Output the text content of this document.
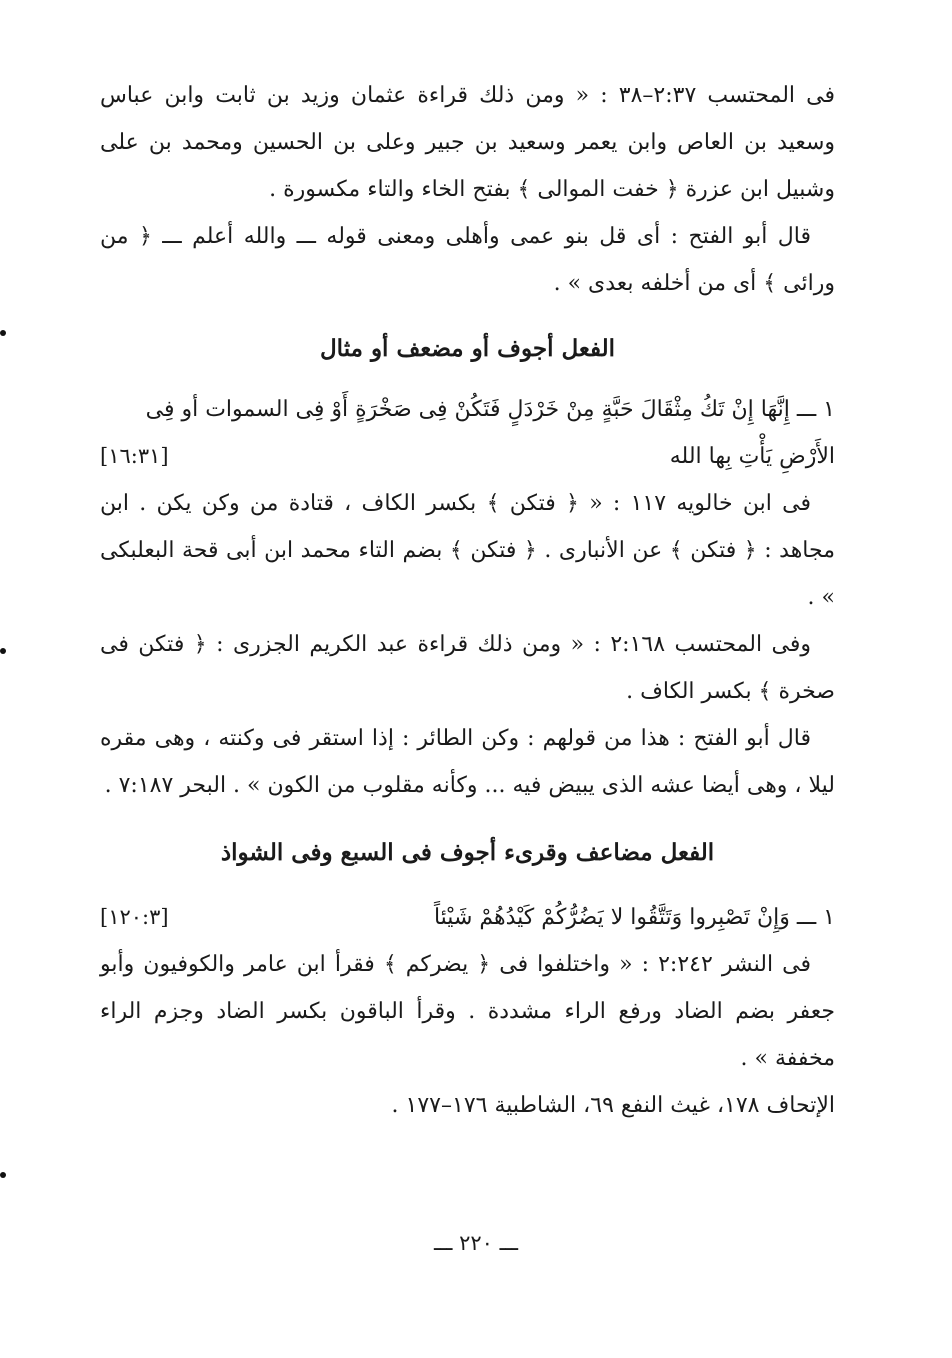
فى المحتسب ٢:٣٧–٣٨ : « ومن ذلك قراءة عثمان وزيد بن ثابت وابن عباس وسعيد بن العاص وابن يعمر وسعيد بن جبير وعلى بن الحسين ومحمد بن على وشبيل ابن عزرة ﴿ خفت الموالى ﴾ بفتح الخاء والتاء مكسورة .

قال أبو الفتح : أى قل بنو عمى وأهلى ومعنى قوله ـــ والله أعلم ـــ ﴿ من ورائى ﴾ أى من أخلفه بعدى » .

الفعل أجوف أو مضعف أو مثال

١ ـــ إِنَّهَا إِنْ تَكُ مِثْقَالَ حَبَّةٍ مِنْ خَرْدَلٍ فَتَكُنْ فِى صَخْرَةٍ أَوْ فِى السموات أو فِى

الأَرْضِ يَأْتِ بِها الله
[١٦:٣١]

فى ابن خالويه ١١٧ : « ﴿ فتكن ﴾ بكسر الكاف ، قتادة من وكن يكن . ابن مجاهد : ﴿ فتكن ﴾ عن الأنبارى . ﴿ فتكن ﴾ بضم التاء محمد ابن أبى قحة البعلبكى » .

وفى المحتسب ٢:١٦٨ : « ومن ذلك قراءة عبد الكريم الجزرى : ﴿ فتكن فى صخرة ﴾ بكسر الكاف .

قال أبو الفتح : هذا من قولهم : وكن الطائر : إذا استقر فى وكنته ، وهى مقره ليلا ، وهى أيضا عشه الذى يبيض فيه ... وكأنه مقلوب من الكون » . البحر ٧:١٨٧ .

الفعل مضاعف وقرىء أجوف فى السبع وفى الشواذ
١ ـــ وَإِنْ تَصْبِروا وَتَتَّقُوا لا يَضُرُّكُمْ كَيْدُهُمْ شَيْئاً
[١٢٠:٣]

فى النشر ٢:٢٤٢ : « واختلفوا فى ﴿ يضركم ﴾ فقرأ ابن عامر والكوفيون وأبو جعفر بضم الضاد ورفع الراء مشددة . وقرأ الباقون بكسر الضاد وجزم الراء مخففة » .

الإتحاف ١٧٨، غيث النفع ٦٩، الشاطبية ١٧٦–١٧٧ .

ـــ ٢٢٠ ـــ
